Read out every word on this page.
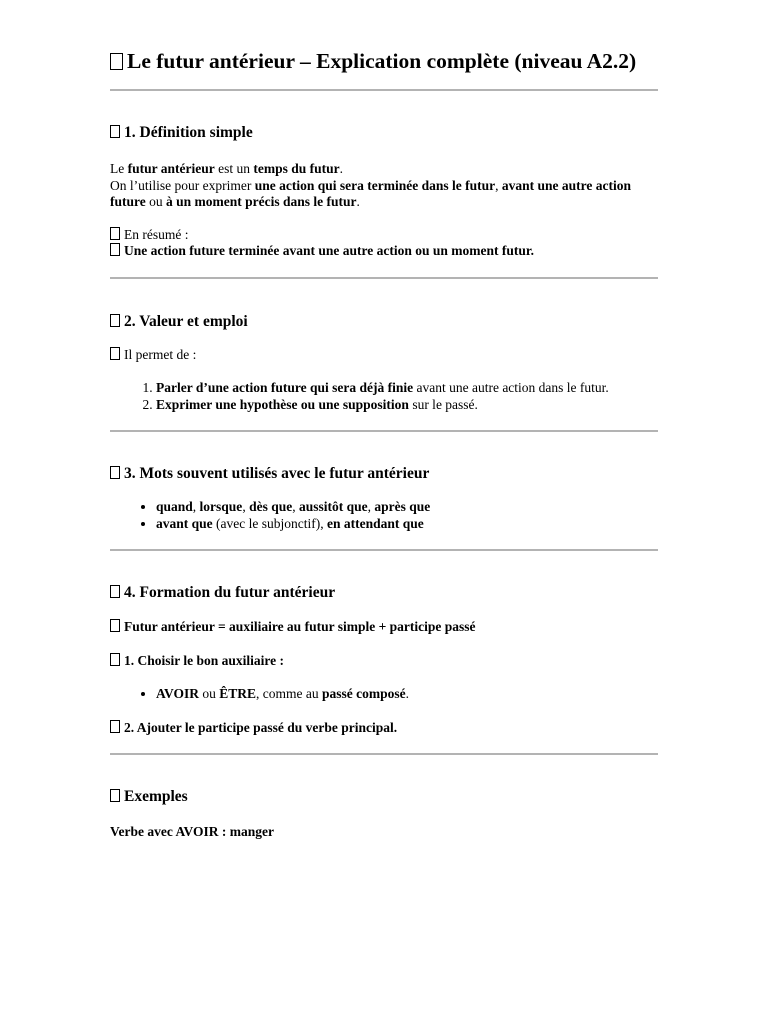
Le futur antérieur – Explication complète (niveau A2.2)
1. Définition simple

Le futur antérieur est un temps du futur.

On l’utilise pour exprimer une action qui sera terminée dans le futur, avant une autre action future ou à un moment précis dans le futur.

En résumé :

Une action future terminée avant une autre action ou un moment futur.

2. Valeur et emploi

Il permet de :

1. Parler d’une action future qui sera déjà finie avant une autre action dans le futur.
2. Exprimer une hypothèse ou une supposition sur le passé.
3. Mots souvent utilisés avec le futur antérieur
• quand, lorsque, dès que, aussitôt que, après que
• avant que (avec le subjonctif), en attendant que
4. Formation du futur antérieur

Futur antérieur = auxiliaire au futur simple + participe passé

1. Choisir le bon auxiliaire :

• AVOIR ou ÊTRE, comme au passé composé.

2. Ajouter le participe passé du verbe principal.

Exemples

Verbe avec AVOIR : manger
